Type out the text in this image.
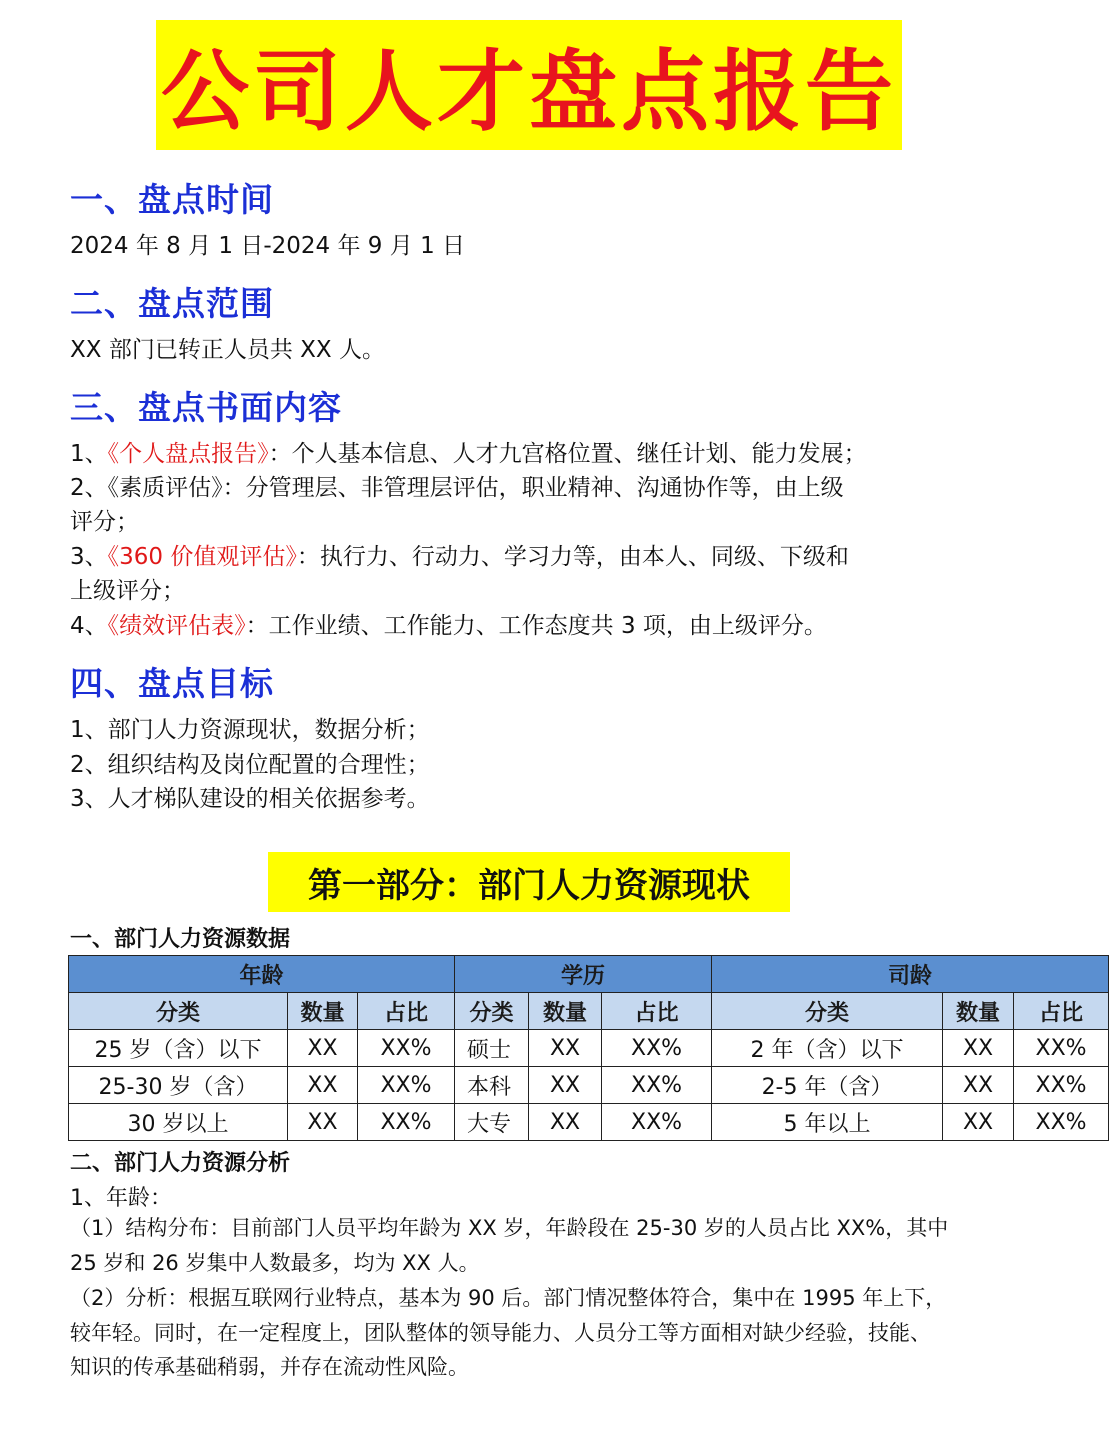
公司人才盘点报告
一、盘点时间
2024 年 8 月 1 日-2024 年 9 月 1 日
二、盘点范围
XX 部门已转正人员共 XX 人。
三、盘点书面内容
1、《个人盘点报告》：个人基本信息、人才九宫格位置、继任计划、能力发展；
2、《素质评估》：分管理层、非管理层评估，职业精神、沟通协作等，由上级
评分；
3、《360 价值观评估》：执行力、行动力、学习力等，由本人、同级、下级和
上级评分；
4、《绩效评估表》：工作业绩、工作能力、工作态度共 3 项，由上级评分。
四、盘点目标
1、部门人力资源现状，数据分析；
2、组织结构及岗位配置的合理性；
3、人才梯队建设的相关依据参考。
第一部分：部门人力资源现状
一、部门人力资源数据
年龄			学历			司龄		
分类	数量	占比	分类	数量	占比	分类	数量	占比
25 岁（含）以下	XX	XX%	硕士	XX	XX%	2 年（含）以下	XX	XX%
25-30 岁（含）	XX	XX%	本科	XX	XX%	2-5 年（含）	XX	XX%
30 岁以上	XX	XX%	大专	XX	XX%	5 年以上	XX	XX%
二、部门人力资源分析
1、年龄：
（1）结构分布：目前部门人员平均年龄为 XX 岁，年龄段在 25-30 岁的人员占比 XX%，其中
25 岁和 26 岁集中人数最多，均为 XX 人。
（2）分析：根据互联网行业特点，基本为 90 后。部门情况整体符合，集中在 1995 年上下，
较年轻。同时，在一定程度上，团队整体的领导能力、人员分工等方面相对缺少经验，技能、
知识的传承基础稍弱，并存在流动性风险。
